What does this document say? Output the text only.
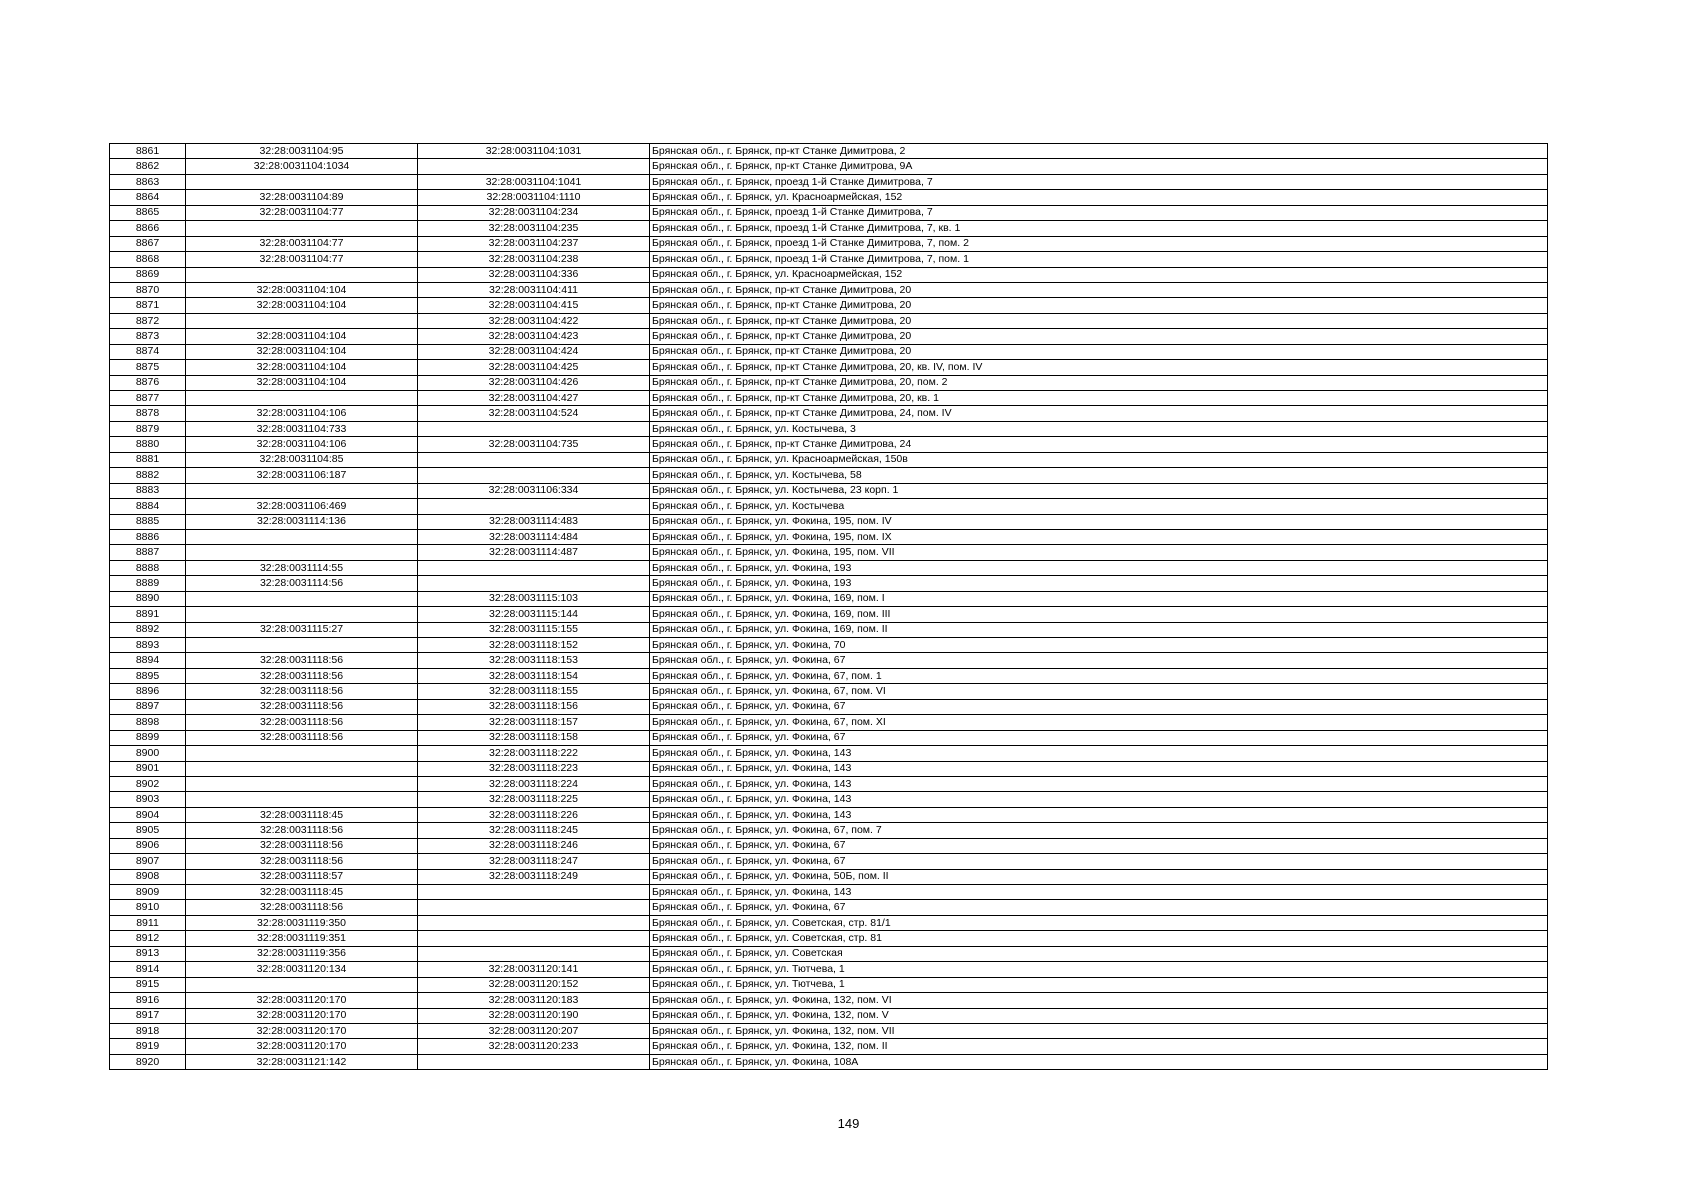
8861	32:28:0031104:95	32:28:0031104:1031	Брянская обл., г. Брянск, пр-кт Станке Димитрова, 2
8862	32:28:0031104:1034		Брянская обл., г. Брянск, пр-кт Станке Димитрова, 9А
8863		32:28:0031104:1041	Брянская обл., г. Брянск, проезд 1-й Станке Димитрова, 7
8864	32:28:0031104:89	32:28:0031104:1110	Брянская обл., г. Брянск, ул. Красноармейская, 152
8865	32:28:0031104:77	32:28:0031104:234	Брянская обл., г. Брянск, проезд 1-й Станке Димитрова, 7
8866		32:28:0031104:235	Брянская обл., г. Брянск, проезд 1-й Станке Димитрова, 7, кв. 1
8867	32:28:0031104:77	32:28:0031104:237	Брянская обл., г. Брянск, проезд 1-й Станке Димитрова, 7, пом. 2
8868	32:28:0031104:77	32:28:0031104:238	Брянская обл., г. Брянск, проезд 1-й Станке Димитрова, 7, пом. 1
8869		32:28:0031104:336	Брянская обл., г. Брянск, ул. Красноармейская, 152
8870	32:28:0031104:104	32:28:0031104:411	Брянская обл., г. Брянск, пр-кт Станке Димитрова, 20
8871	32:28:0031104:104	32:28:0031104:415	Брянская обл., г. Брянск, пр-кт Станке Димитрова, 20
8872		32:28:0031104:422	Брянская обл., г. Брянск, пр-кт Станке Димитрова, 20
8873	32:28:0031104:104	32:28:0031104:423	Брянская обл., г. Брянск, пр-кт Станке Димитрова, 20
8874	32:28:0031104:104	32:28:0031104:424	Брянская обл., г. Брянск, пр-кт Станке Димитрова, 20
8875	32:28:0031104:104	32:28:0031104:425	Брянская обл., г. Брянск, пр-кт Станке Димитрова, 20, кв. IV, пом. IV
8876	32:28:0031104:104	32:28:0031104:426	Брянская обл., г. Брянск, пр-кт Станке Димитрова, 20, пом. 2
8877		32:28:0031104:427	Брянская обл., г. Брянск, пр-кт Станке Димитрова, 20, кв. 1
8878	32:28:0031104:106	32:28:0031104:524	Брянская обл., г. Брянск, пр-кт Станке Димитрова, 24, пом. IV
8879	32:28:0031104:733		Брянская обл., г. Брянск, ул. Костычева, 3
8880	32:28:0031104:106	32:28:0031104:735	Брянская обл., г. Брянск, пр-кт Станке Димитрова, 24
8881	32:28:0031104:85		Брянская обл., г. Брянск, ул. Красноармейская, 150в
8882	32:28:0031106:187		Брянская обл., г. Брянск, ул. Костычева, 58
8883		32:28:0031106:334	Брянская обл., г. Брянск, ул. Костычева, 23 корп. 1
8884	32:28:0031106:469		Брянская обл., г. Брянск, ул. Костычева
8885	32:28:0031114:136	32:28:0031114:483	Брянская обл., г. Брянск, ул. Фокина, 195, пом. IV
8886		32:28:0031114:484	Брянская обл., г. Брянск, ул. Фокина, 195, пом. IX
8887		32:28:0031114:487	Брянская обл., г. Брянск, ул. Фокина, 195, пом. VII
8888	32:28:0031114:55		Брянская обл., г. Брянск, ул. Фокина, 193
8889	32:28:0031114:56		Брянская обл., г. Брянск, ул. Фокина, 193
8890		32:28:0031115:103	Брянская обл., г. Брянск, ул. Фокина, 169, пом. I
8891		32:28:0031115:144	Брянская обл., г. Брянск, ул. Фокина, 169, пом. III
8892	32:28:0031115:27	32:28:0031115:155	Брянская обл., г. Брянск, ул. Фокина, 169, пом. II
8893		32:28:0031118:152	Брянская обл., г. Брянск, ул. Фокина, 70
8894	32:28:0031118:56	32:28:0031118:153	Брянская обл., г. Брянск, ул. Фокина, 67
8895	32:28:0031118:56	32:28:0031118:154	Брянская обл., г. Брянск, ул. Фокина, 67, пом. 1
8896	32:28:0031118:56	32:28:0031118:155	Брянская обл., г. Брянск, ул. Фокина, 67, пом. VI
8897	32:28:0031118:56	32:28:0031118:156	Брянская обл., г. Брянск, ул. Фокина, 67
8898	32:28:0031118:56	32:28:0031118:157	Брянская обл., г. Брянск, ул. Фокина, 67, пом. XI
8899	32:28:0031118:56	32:28:0031118:158	Брянская обл., г. Брянск, ул. Фокина, 67
8900		32:28:0031118:222	Брянская обл., г. Брянск, ул. Фокина, 143
8901		32:28:0031118:223	Брянская обл., г. Брянск, ул. Фокина, 143
8902		32:28:0031118:224	Брянская обл., г. Брянск, ул. Фокина, 143
8903		32:28:0031118:225	Брянская обл., г. Брянск, ул. Фокина, 143
8904	32:28:0031118:45	32:28:0031118:226	Брянская обл., г. Брянск, ул. Фокина, 143
8905	32:28:0031118:56	32:28:0031118:245	Брянская обл., г. Брянск, ул. Фокина, 67, пом. 7
8906	32:28:0031118:56	32:28:0031118:246	Брянская обл., г. Брянск, ул. Фокина, 67
8907	32:28:0031118:56	32:28:0031118:247	Брянская обл., г. Брянск, ул. Фокина, 67
8908	32:28:0031118:57	32:28:0031118:249	Брянская обл., г. Брянск, ул. Фокина, 50Б, пом. II
8909	32:28:0031118:45		Брянская обл., г. Брянск, ул. Фокина, 143
8910	32:28:0031118:56		Брянская обл., г. Брянск, ул. Фокина, 67
8911	32:28:0031119:350		Брянская обл., г. Брянск, ул. Советская, стр. 81/1
8912	32:28:0031119:351		Брянская обл., г. Брянск, ул. Советская, стр. 81
8913	32:28:0031119:356		Брянская обл., г. Брянск, ул. Советская
8914	32:28:0031120:134	32:28:0031120:141	Брянская обл., г. Брянск, ул. Тютчева, 1
8915		32:28:0031120:152	Брянская обл., г. Брянск, ул. Тютчева, 1
8916	32:28:0031120:170	32:28:0031120:183	Брянская обл., г. Брянск, ул. Фокина, 132, пом. VI
8917	32:28:0031120:170	32:28:0031120:190	Брянская обл., г. Брянск, ул. Фокина, 132, пом. V
8918	32:28:0031120:170	32:28:0031120:207	Брянская обл., г. Брянск, ул. Фокина, 132, пом. VII
8919	32:28:0031120:170	32:28:0031120:233	Брянская обл., г. Брянск, ул. Фокина, 132, пом. II
8920	32:28:0031121:142		Брянская обл., г. Брянск, ул. Фокина, 108А
149
